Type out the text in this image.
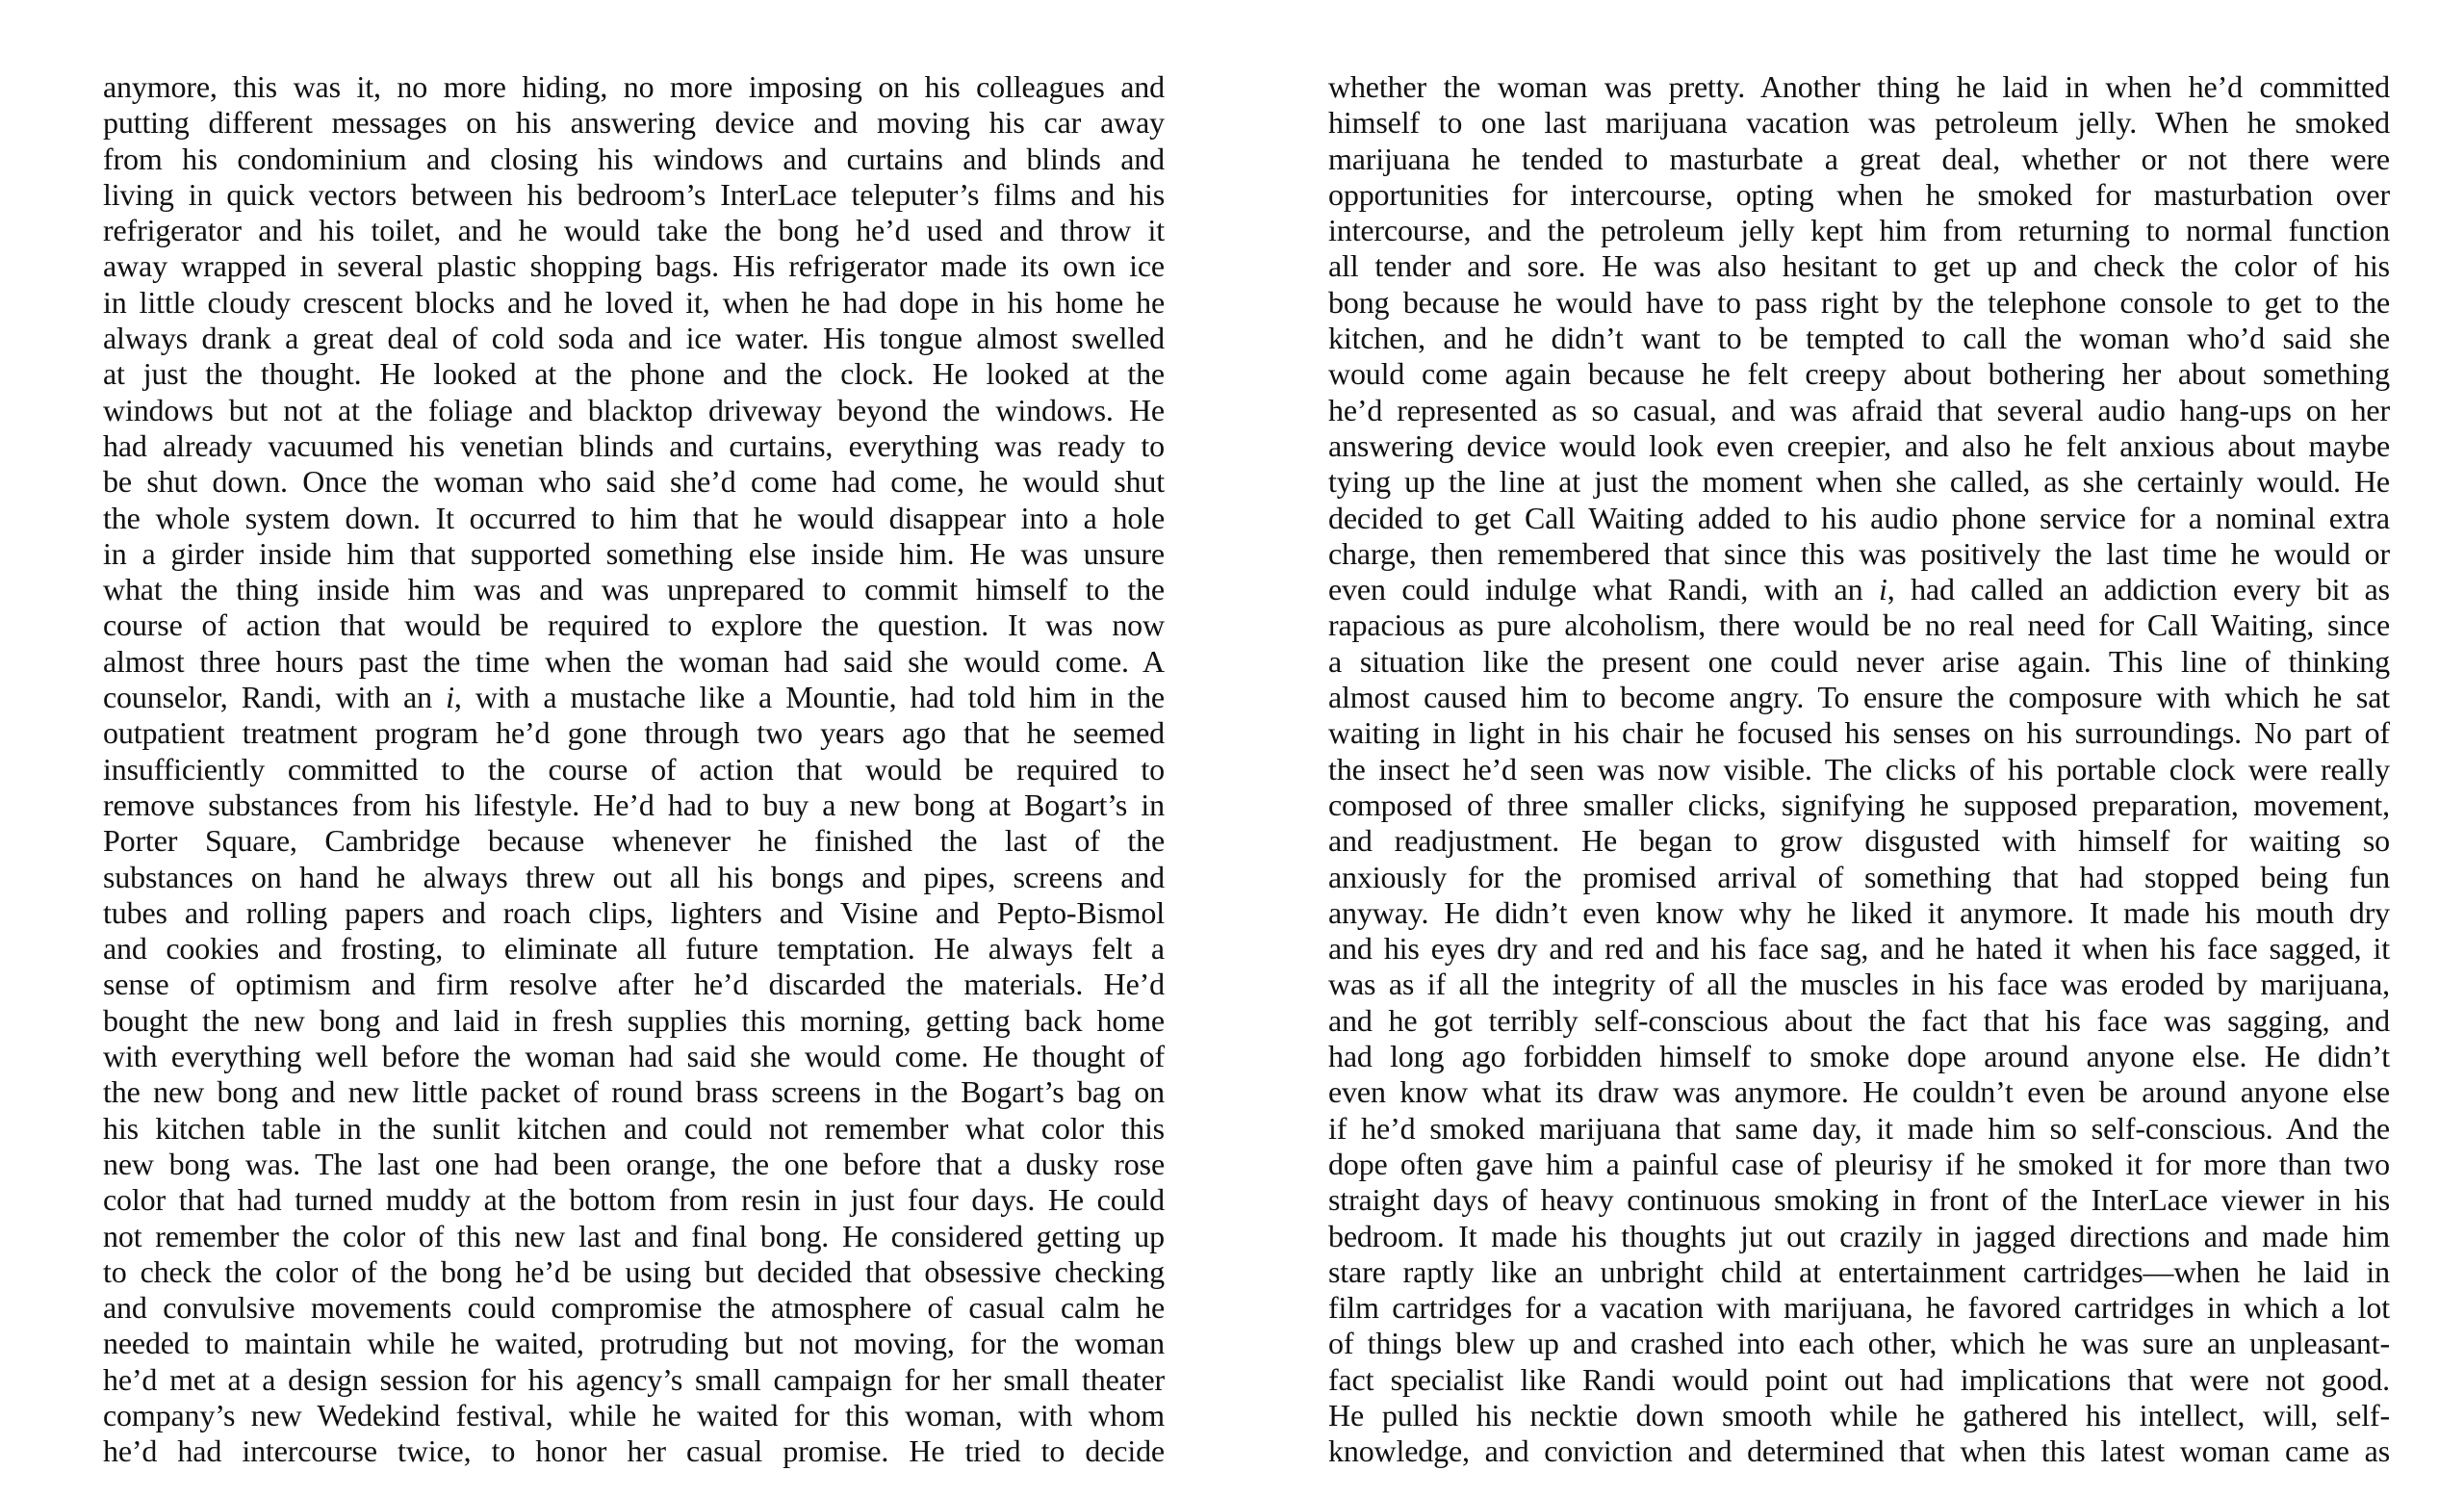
anymore, this was it, no more hiding, no more imposing on his colleagues and

putting different messages on his answering device and moving his car away

from his condominium and closing his windows and curtains and blinds and

living in quick vectors between his bedroom’s InterLace teleputer’s films and his

refrigerator and his toilet, and he would take the bong he’d used and throw it

away wrapped in several plastic shopping bags. His refrigerator made its own ice

in little cloudy crescent blocks and he loved it, when he had dope in his home he

always drank a great deal of cold soda and ice water. His tongue almost swelled

at just the thought. He looked at the phone and the clock. He looked at the

windows but not at the foliage and blacktop driveway beyond the windows. He

had already vacuumed his venetian blinds and curtains, everything was ready to

be shut down. Once the woman who said she’d come had come, he would shut

the whole system down. It occurred to him that he would disappear into a hole

in a girder inside him that supported something else inside him. He was unsure

what the thing inside him was and was unprepared to commit himself to the

course of action that would be required to explore the question. It was now

almost three hours past the time when the woman had said she would come. A

counselor, Randi, with an i, with a mustache like a Mountie, had told him in the

outpatient treatment program he’d gone through two years ago that he seemed

insufficiently committed to the course of action that would be required to

remove substances from his lifestyle. He’d had to buy a new bong at Bogart’s in

Porter Square, Cambridge because whenever he finished the last of the

substances on hand he always threw out all his bongs and pipes, screens and

tubes and rolling papers and roach clips, lighters and Visine and Pepto-Bismol

and cookies and frosting, to eliminate all future temptation. He always felt a

sense of optimism and firm resolve after he’d discarded the materials. He’d

bought the new bong and laid in fresh supplies this morning, getting back home

with everything well before the woman had said she would come. He thought of

the new bong and new little packet of round brass screens in the Bogart’s bag on

his kitchen table in the sunlit kitchen and could not remember what color this

new bong was. The last one had been orange, the one before that a dusky rose

color that had turned muddy at the bottom from resin in just four days. He could

not remember the color of this new last and final bong. He considered getting up

to check the color of the bong he’d be using but decided that obsessive checking

and convulsive movements could compromise the atmosphere of casual calm he

needed to maintain while he waited, protruding but not moving, for the woman

he’d met at a design session for his agency’s small campaign for her small theater

company’s new Wedekind festival, while he waited for this woman, with whom

he’d had intercourse twice, to honor her casual promise. He tried to decide

whether the woman was pretty. Another thing he laid in when he’d committed

himself to one last marijuana vacation was petroleum jelly. When he smoked

marijuana he tended to masturbate a great deal, whether or not there were

opportunities for intercourse, opting when he smoked for masturbation over

intercourse, and the petroleum jelly kept him from returning to normal function

all tender and sore. He was also hesitant to get up and check the color of his

bong because he would have to pass right by the telephone console to get to the

kitchen, and he didn’t want to be tempted to call the woman who’d said she

would come again because he felt creepy about bothering her about something

he’d represented as so casual, and was afraid that several audio hang-ups on her

answering device would look even creepier, and also he felt anxious about maybe

tying up the line at just the moment when she called, as she certainly would. He

decided to get Call Waiting added to his audio phone service for a nominal extra

charge, then remembered that since this was positively the last time he would or

even could indulge what Randi, with an i, had called an addiction every bit as

rapacious as pure alcoholism, there would be no real need for Call Waiting, since

a situation like the present one could never arise again. This line of thinking

almost caused him to become angry. To ensure the composure with which he sat

waiting in light in his chair he focused his senses on his surroundings. No part of

the insect he’d seen was now visible. The clicks of his portable clock were really

composed of three smaller clicks, signifying he supposed preparation, movement,

and readjustment. He began to grow disgusted with himself for waiting so

anxiously for the promised arrival of something that had stopped being fun

anyway. He didn’t even know why he liked it anymore. It made his mouth dry

and his eyes dry and red and his face sag, and he hated it when his face sagged, it

was as if all the integrity of all the muscles in his face was eroded by marijuana,

and he got terribly self-conscious about the fact that his face was sagging, and

had long ago forbidden himself to smoke dope around anyone else. He didn’t

even know what its draw was anymore. He couldn’t even be around anyone else

if he’d smoked marijuana that same day, it made him so self-conscious. And the

dope often gave him a painful case of pleurisy if he smoked it for more than two

straight days of heavy continuous smoking in front of the InterLace viewer in his

bedroom. It made his thoughts jut out crazily in jagged directions and made him

stare raptly like an unbright child at entertainment cartridges—when he laid in

film cartridges for a vacation with marijuana, he favored cartridges in which a lot

of things blew up and crashed into each other, which he was sure an unpleasant-

fact specialist like Randi would point out had implications that were not good.

He pulled his necktie down smooth while he gathered his intellect, will, self-

knowledge, and conviction and determined that when this latest woman came as
